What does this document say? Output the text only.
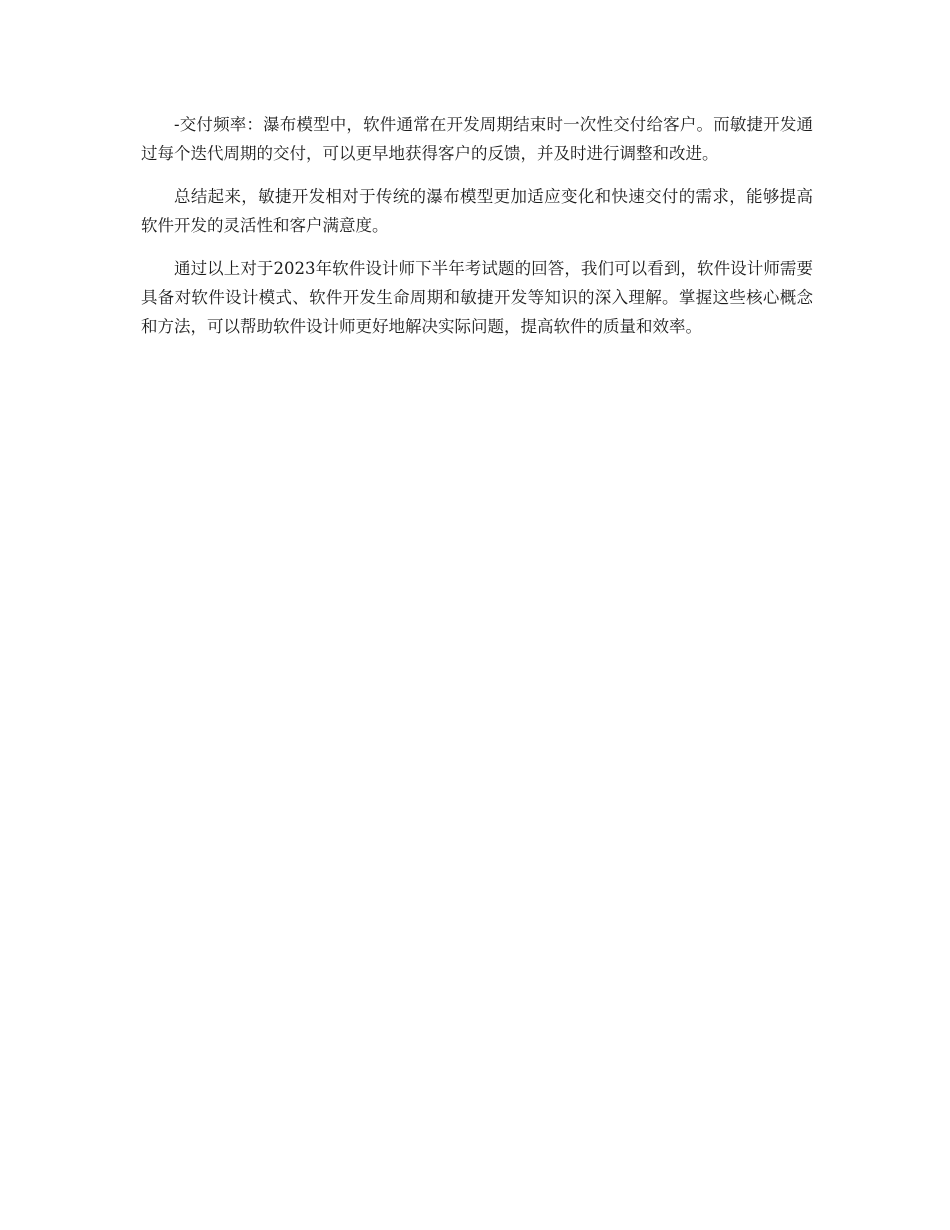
-交付频率：瀑布模型中，软件通常在开发周期结束时一次性交付给客户。而敏捷开发通过每个迭代周期的交付，可以更早地获得客户的反馈，并及时进行调整和改进。

总结起来，敏捷开发相对于传统的瀑布模型更加适应变化和快速交付的需求，能够提高软件开发的灵活性和客户满意度。

通过以上对于2023年软件设计师下半年考试题的回答，我们可以看到，软件设计师需要具备对软件设计模式、软件开发生命周期和敏捷开发等知识的深入理解。掌握这些核心概念和方法，可以帮助软件设计师更好地解决实际问题，提高软件的质量和效率。
